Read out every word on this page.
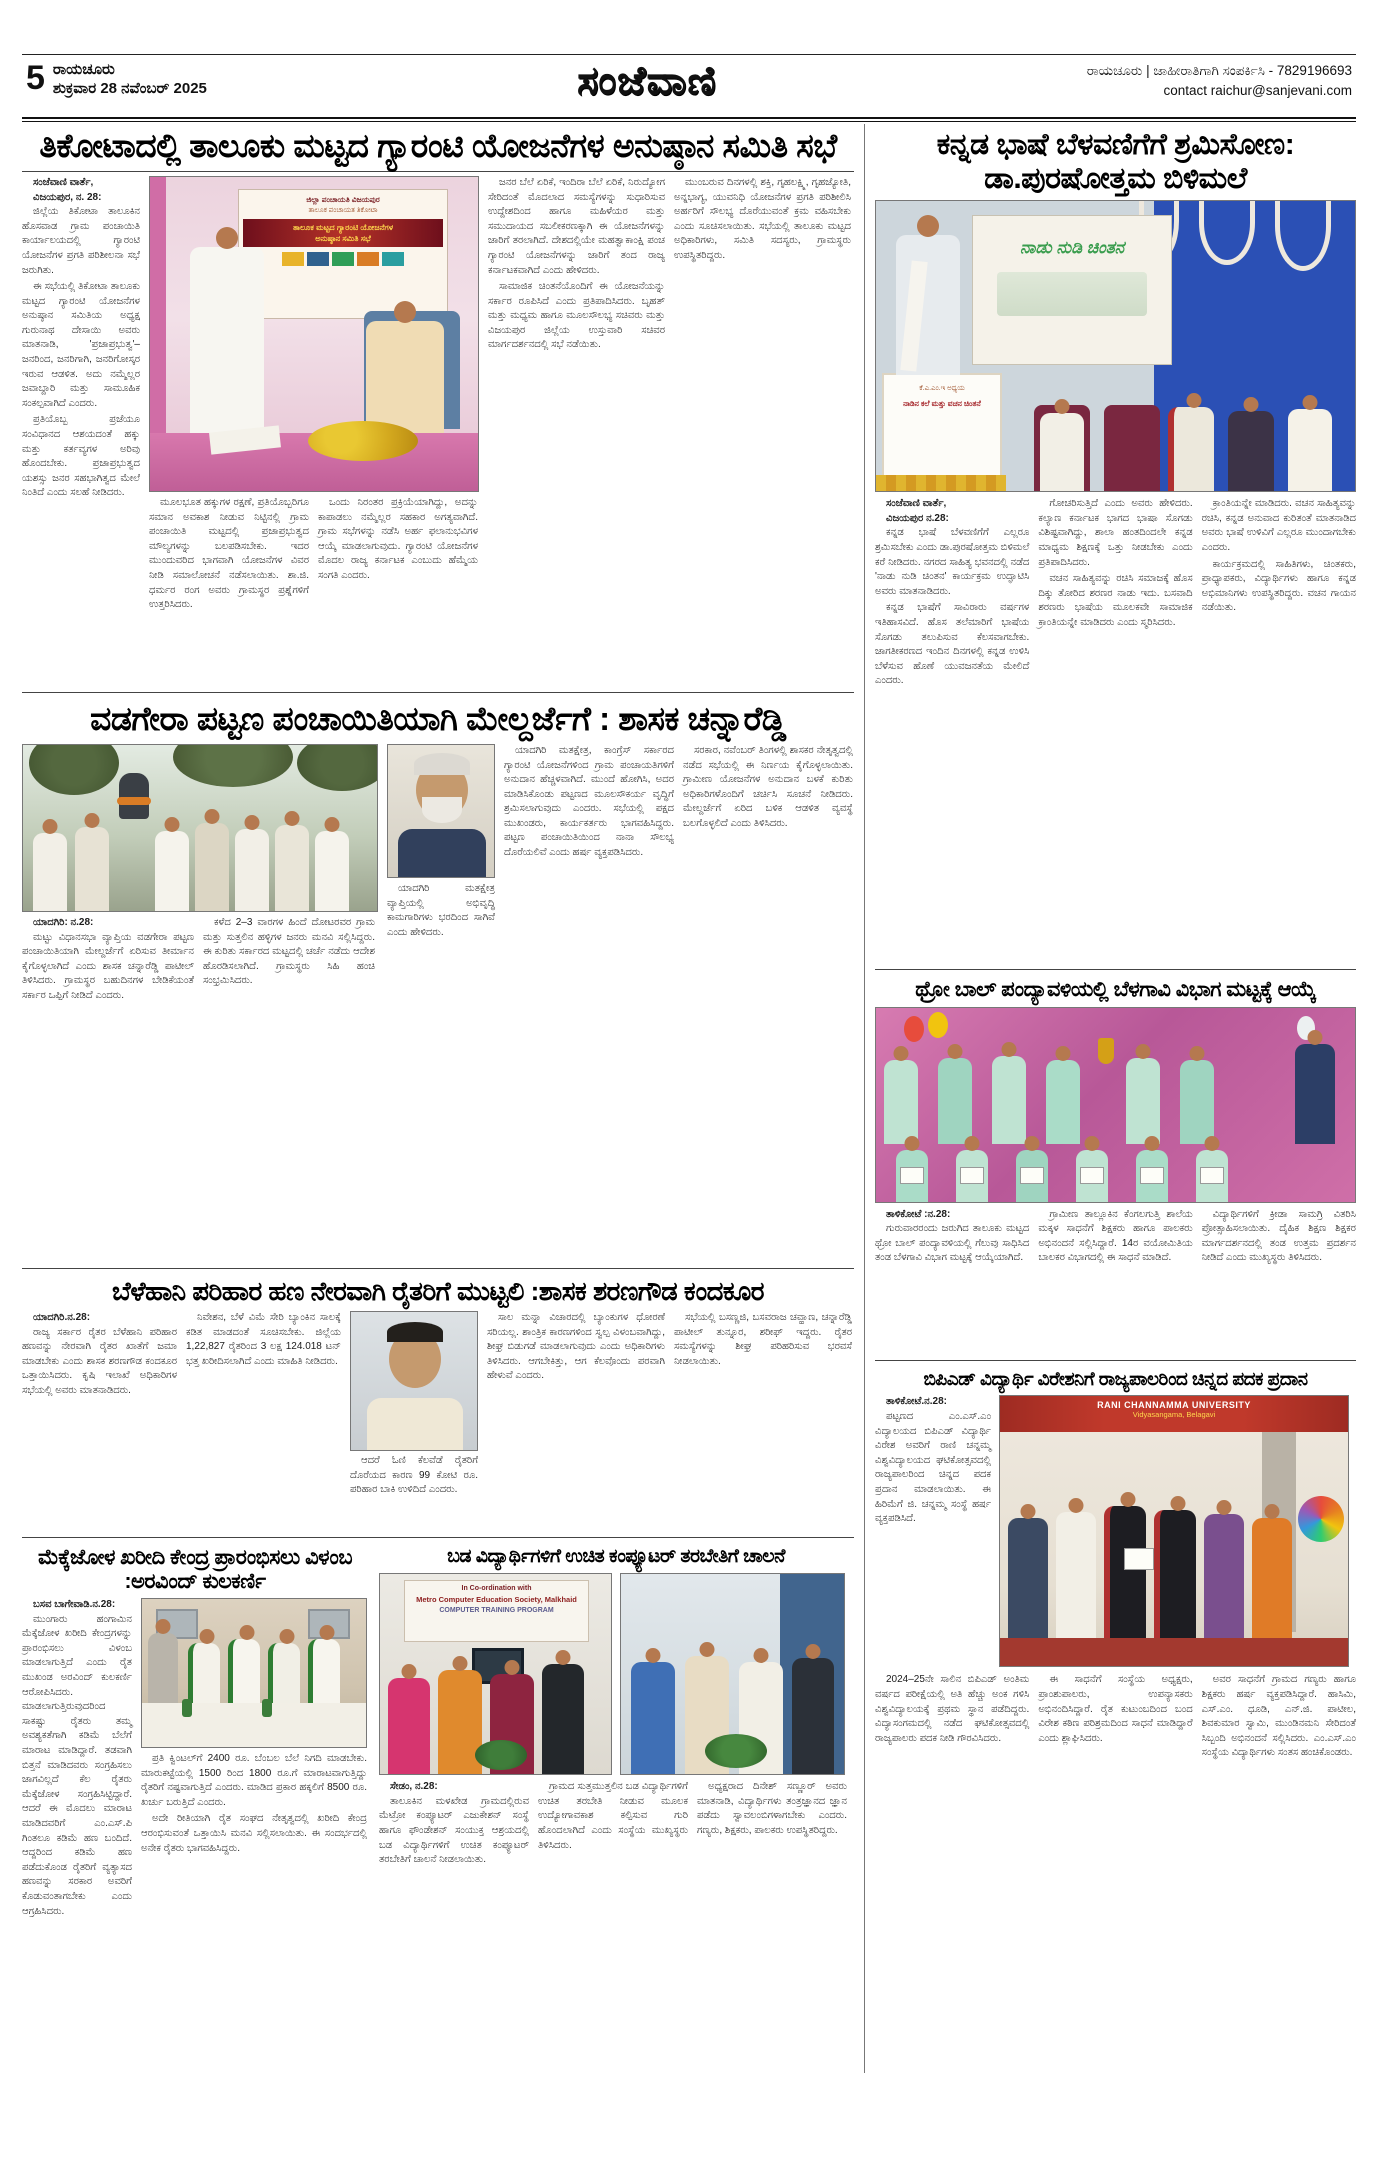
5 ರಾಯಚೂರು
ಶುಕ್ರವಾರ 28 ನವೆಂಬರ್ 2025	ಸಂಜೆವಾಣಿ	ರಾಯಚೂರು | ಜಾಹೀರಾತಿಗಾಗಿ ಸಂಪರ್ಕಿಸಿ - 7829196693
contact raichur@sanjevani.com
ತಿಕೋಟಾದಲ್ಲಿ ತಾಲೂಕು ಮಟ್ಟದ ಗ್ಯಾರಂಟಿ ಯೋಜನೆಗಳ ಅನುಷ್ಠಾನ ಸಮಿತಿ ಸಭೆ
ಸಂಜೆವಾಣಿ ವಾರ್ತೆ,
ವಿಜಯಪುರ, ನ. 28:

ಜಿಲ್ಲೆಯ ತಿಕೋಟಾ ತಾಲೂಕಿನ ಹೊಸವಾಡ ಗ್ರಾಮ ಪಂಚಾಯಿತಿ ಕಾರ್ಯಾಲಯದಲ್ಲಿ ಗ್ಯಾರಂಟಿ ಯೋಜನೆಗಳ ಪ್ರಗತಿ ಪರಿಶೀಲನಾ ಸಭೆ ಜರುಗಿತು.

ಈ ಸಭೆಯಲ್ಲಿ ತಿಕೋಟಾ ತಾಲೂಕು ಮಟ್ಟದ ಗ್ಯಾರಂಟಿ ಯೋಜನೆಗಳ ಅನುಷ್ಠಾನ ಸಮಿತಿಯ ಅಧ್ಯಕ್ಷ ಗುರುನಾಥ ದೇಸಾಯಿ ಅವರು ಮಾತನಾಡಿ, 'ಪ್ರಜಾಪ್ರಭುತ್ವ'– ಜನರಿಂದ, ಜನರಿಗಾಗಿ, ಜನರಿಗೋಸ್ಕರ ಇರುವ ಆಡಳಿತ. ಅದು ನಮ್ಮೆಲ್ಲರ ಜವಾಬ್ದಾರಿ ಮತ್ತು ಸಾಮೂಹಿಕ ಸಂಕಲ್ಪವಾಗಿದೆ ಎಂದರು.

ಪ್ರತಿಯೊಬ್ಬ ಪ್ರಜೆಯೂ ಸಂವಿಧಾನದ ಆಶಯದಂತೆ ಹಕ್ಕು ಮತ್ತು ಕರ್ತವ್ಯಗಳ ಅರಿವು ಹೊಂದಬೇಕು. ಪ್ರಜಾಪ್ರಭುತ್ವದ ಯಶಸ್ಸು ಜನರ ಸಹಭಾಗಿತ್ವದ ಮೇಲೆ ನಿಂತಿದೆ ಎಂದು ಸಲಹೆ ನೀಡಿದರು.

ಜಿಲ್ಲಾ ಪಂಚಾಯತಿ ವಿಜಯಪುರ
ತಾಲೂಕ ಪಂಚಾಯತ ತಿಕೋಟಾ
ತಾಲೂಕ ಮಟ್ಟದ ಗ್ಯಾರಂಟಿ ಯೋಜನೆಗಳ
ಅನುಷ್ಠಾನ ಸಮಿತಿ ಸಭೆ

ಮೂಲಭೂತ ಹಕ್ಕುಗಳ ರಕ್ಷಣೆ, ಪ್ರತಿಯೊಬ್ಬರಿಗೂ ಸಮಾನ ಅವಕಾಶ ನೀಡುವ ನಿಟ್ಟಿನಲ್ಲಿ ಗ್ರಾಮ ಪಂಚಾಯಿತಿ ಮಟ್ಟದಲ್ಲಿ ಪ್ರಜಾಪ್ರಭುತ್ವದ ಮೌಲ್ಯಗಳನ್ನು ಬಲಪಡಿಸಬೇಕು. ಇದರ ಮುಂದುವರಿದ ಭಾಗವಾಗಿ ಯೋಜನೆಗಳ ವಿವರ ನೀಡಿ ಸಮಾಲೋಚನೆ ನಡೆಸಲಾಯಿತು. ಶಾ.ಜಿ. ಧರ್ಮರ ರಂಗ ಅವರು ಗ್ರಾಮಸ್ಥರ ಪ್ರಶ್ನೆಗಳಿಗೆ ಉತ್ತರಿಸಿದರು.

ಒಂದು ನಿರಂತರ ಪ್ರಕ್ರಿಯೆಯಾಗಿದ್ದು, ಅದನ್ನು ಕಾಪಾಡಲು ನಮ್ಮೆಲ್ಲರ ಸಹಕಾರ ಅಗತ್ಯವಾಗಿದೆ. ಗ್ರಾಮ ಸಭೆಗಳನ್ನು ನಡೆಸಿ ಅರ್ಹ ಫಲಾನುಭವಿಗಳ ಆಯ್ಕೆ ಮಾಡಲಾಗುವುದು. ಗ್ಯಾರಂಟಿ ಯೋಜನೆಗಳ ಮೊದಲ ರಾಜ್ಯ ಕರ್ನಾಟಕ ಎಂಬುದು ಹೆಮ್ಮೆಯ ಸಂಗತಿ ಎಂದರು.

ಜನರ ಬೆಲೆ ಏರಿಕೆ, ಇಂದಿರಾ ಬೆಲೆ ಏರಿಕೆ, ನಿರುದ್ಯೋಗ ಸೇರಿದಂತೆ ಮೊದಲಾದ ಸಮಸ್ಯೆಗಳನ್ನು ಸುಧಾರಿಸುವ ಉದ್ದೇಶದಿಂದ ಹಾಗೂ ಮಹಿಳೆಯರ ಮತ್ತು ಸಮುದಾಯದ ಸಬಲೀಕರಣಕ್ಕಾಗಿ ಈ ಯೋಜನೆಗಳನ್ನು ಜಾರಿಗೆ ತರಲಾಗಿದೆ. ದೇಶದಲ್ಲಿಯೇ ಮಹತ್ವಾಕಾಂಕ್ಷಿ ಪಂಚ ಗ್ಯಾರಂಟಿ ಯೋಜನೆಗಳನ್ನು ಜಾರಿಗೆ ತಂದ ರಾಜ್ಯ ಕರ್ನಾಟಕವಾಗಿದೆ ಎಂದು ಹೇಳಿದರು.

ಸಾಮಾಜಿಕ ಚಿಂತನೆಯೊಂದಿಗೆ ಈ ಯೋಜನೆಯನ್ನು ಸರ್ಕಾರ ರೂಪಿಸಿದೆ ಎಂದು ಪ್ರತಿಪಾದಿಸಿದರು. ಬೃಹತ್ ಮತ್ತು ಮಧ್ಯಮ ಹಾಗೂ ಮೂಲಸೌಲಭ್ಯ ಸಚಿವರು ಮತ್ತು ವಿಜಯಪುರ ಜಿಲ್ಲೆಯ ಉಸ್ತುವಾರಿ ಸಚಿವರ ಮಾರ್ಗದರ್ಶನದಲ್ಲಿ ಸಭೆ ನಡೆಯಿತು.

ಮುಂಬರುವ ದಿನಗಳಲ್ಲಿ ಶಕ್ತಿ, ಗೃಹಲಕ್ಷ್ಮಿ, ಗೃಹಜ್ಯೋತಿ, ಅನ್ನಭಾಗ್ಯ, ಯುವನಿಧಿ ಯೋಜನೆಗಳ ಪ್ರಗತಿ ಪರಿಶೀಲಿಸಿ ಅರ್ಹರಿಗೆ ಸೌಲಭ್ಯ ದೊರೆಯುವಂತೆ ಕ್ರಮ ವಹಿಸಬೇಕು ಎಂದು ಸೂಚಿಸಲಾಯಿತು. ಸಭೆಯಲ್ಲಿ ತಾಲೂಕು ಮಟ್ಟದ ಅಧಿಕಾರಿಗಳು, ಸಮಿತಿ ಸದಸ್ಯರು, ಗ್ರಾಮಸ್ಥರು ಉಪಸ್ಥಿತರಿದ್ದರು.

ವಡಗೇರಾ ಪಟ್ಟಣ ಪಂಚಾಯಿತಿಯಾಗಿ ಮೇಲ್ದರ್ಜೆಗೆ : ಶಾಸಕ ಚನ್ನಾರೆಡ್ಡಿ
ಯಾದಗಿರಿ: ನ.28:

ಮಟ್ಟು ವಿಧಾನಸಭಾ ವ್ಯಾಪ್ತಿಯ ವಡಗೇರಾ ಪಟ್ಟಣ ಪಂಚಾಯಿತಿಯಾಗಿ ಮೇಲ್ದರ್ಜೆಗೆ ಏರಿಸುವ ತೀರ್ಮಾನ ಕೈಗೊಳ್ಳಲಾಗಿದೆ ಎಂದು ಶಾಸಕ ಚನ್ನಾರೆಡ್ಡಿ ಪಾಟೀಲ್ ತಿಳಿಸಿದರು. ಗ್ರಾಮಸ್ಥರ ಬಹುದಿನಗಳ ಬೇಡಿಕೆಯಂತೆ ಸರ್ಕಾರ ಒಪ್ಪಿಗೆ ನೀಡಿದೆ ಎಂದರು.

ಕಳೆದ 2–3 ವಾರಗಳ ಹಿಂದೆ ದೋಟರವರ ಗ್ರಾಮ ಮತ್ತು ಸುತ್ತಲಿನ ಹಳ್ಳಿಗಳ ಜನರು ಮನವಿ ಸಲ್ಲಿಸಿದ್ದರು. ಈ ಕುರಿತು ಸರ್ಕಾರದ ಮಟ್ಟದಲ್ಲಿ ಚರ್ಚೆ ನಡೆದು ಆದೇಶ ಹೊರಡಿಸಲಾಗಿದೆ. ಗ್ರಾಮಸ್ಥರು ಸಿಹಿ ಹಂಚಿ ಸಂಭ್ರಮಿಸಿದರು.

ಯಾದಗಿರಿ ಮತಕ್ಷೇತ್ರ ವ್ಯಾಪ್ತಿಯಲ್ಲಿ ಅಭಿವೃದ್ಧಿ ಕಾಮಗಾರಿಗಳು ಭರದಿಂದ ಸಾಗಿವೆ ಎಂದು ಹೇಳಿದರು.

ಯಾದಗಿರಿ ಮತಕ್ಷೇತ್ರ, ಕಾಂಗ್ರೆಸ್ ಸರ್ಕಾರದ ಗ್ಯಾರಂಟಿ ಯೋಜನೆಗಳಿಂದ ಗ್ರಾಮ ಪಂಚಾಯತಿಗಳಿಗೆ ಅನುದಾನ ಹೆಚ್ಚಳವಾಗಿದೆ. ಮುಂದೆ ಹೋಗಿಸಿ, ಅದರ ಮಾಡಿಸಿಕೊಂಡು ಪಟ್ಟಣದ ಮೂಲಸೌಕರ್ಯ ವೃದ್ಧಿಗೆ ಶ್ರಮಿಸಲಾಗುವುದು ಎಂದರು. ಸಭೆಯಲ್ಲಿ ಪಕ್ಷದ ಮುಖಂಡರು, ಕಾರ್ಯಕರ್ತರು ಭಾಗವಹಿಸಿದ್ದರು. ಪಟ್ಟಣ ಪಂಚಾಯಿತಿಯಿಂದ ನಾನಾ ಸೌಲಭ್ಯ ದೊರೆಯಲಿವೆ ಎಂದು ಹರ್ಷ ವ್ಯಕ್ತಪಡಿಸಿದರು.

ಸರಕಾರ, ನವೆಂಬರ್ ತಿಂಗಳಲ್ಲಿ ಶಾಸಕರ ನೇತೃತ್ವದಲ್ಲಿ ನಡೆದ ಸಭೆಯಲ್ಲಿ ಈ ನಿರ್ಣಯ ಕೈಗೊಳ್ಳಲಾಯಿತು. ಗ್ರಾಮೀಣ ಯೋಜನೆಗಳ ಅನುದಾನ ಬಳಕೆ ಕುರಿತು ಅಧಿಕಾರಿಗಳೊಂದಿಗೆ ಚರ್ಚಿಸಿ ಸೂಚನೆ ನೀಡಿದರು. ಮೇಲ್ದರ್ಜೆಗೆ ಏರಿದ ಬಳಿಕ ಆಡಳಿತ ವ್ಯವಸ್ಥೆ ಬಲಗೊಳ್ಳಲಿದೆ ಎಂದು ತಿಳಿಸಿದರು.

ಬೆಳೆಹಾನಿ ಪರಿಹಾರ ಹಣ ನೇರವಾಗಿ ರೈತರಿಗೆ ಮುಟ್ಟಲಿ :ಶಾಸಕ ಶರಣಗೌಡ ಕಂದಕೂರ
ಯಾದಗಿರಿ.ನ.28:

ರಾಜ್ಯ ಸರ್ಕಾರ ರೈತರ ಬೆಳೆಹಾನಿ ಪರಿಹಾರ ಹಣವನ್ನು ನೇರವಾಗಿ ರೈತರ ಖಾತೆಗೆ ಜಮಾ ಮಾಡಬೇಕು ಎಂದು ಶಾಸಕ ಶರಣಗೌಡ ಕಂದಕೂರ ಒತ್ತಾಯಿಸಿದರು. ಕೃಷಿ ಇಲಾಖೆ ಅಧಿಕಾರಿಗಳ ಸಭೆಯಲ್ಲಿ ಅವರು ಮಾತನಾಡಿದರು.

ನಿವೇಶನ, ಬೆಳೆ ವಿಮೆ ಸೇರಿ ಬ್ಯಾಂಕಿನ ಸಾಲಕ್ಕೆ ಕಡಿತ ಮಾಡದಂತೆ ಸೂಚಿಸಬೇಕು. ಜಿಲ್ಲೆಯ 1,22,827 ರೈತರಿಂದ 3 ಲಕ್ಷ 124.018 ಟನ್ ಭತ್ತ ಖರೀದಿಸಲಾಗಿದೆ ಎಂದು ಮಾಹಿತಿ ನೀಡಿದರು.

ಆದರೆ ಓಣಿ ಕೆಲವೆಡೆ ರೈತರಿಗೆ ದೊರೆಯದ ಕಾರಣ 99 ಕೋಟಿ ರೂ. ಪರಿಹಾರ ಬಾಕಿ ಉಳಿದಿದೆ ಎಂದರು.

ಸಾಲ ಮನ್ನಾ ವಿಚಾರದಲ್ಲಿ ಬ್ಯಾಂಕುಗಳ ಧೋರಣೆ ಸರಿಯಲ್ಲ. ಶಾಂತ್ರಿಕ ಕಾರಣಗಳಿಂದ ಸ್ವಲ್ಪ ವಿಳಂಬವಾಗಿದ್ದು, ಶೀಘ್ರ ಬಿಡುಗಡೆ ಮಾಡಲಾಗುವುದು ಎಂದು ಅಧಿಕಾರಿಗಳು ತಿಳಿಸಿದರು. ಆಗಬೇಕಿತ್ತು, ಆಗ ಕೆಲವೊಂದು ಪರವಾಗಿ ಹೇಳುವೆ ಎಂದರು.

ಸಭೆಯಲ್ಲಿ ಬಸಣ್ಣಜಿ, ಬಸವರಾಜ ಚವ್ಹಾಣ, ಚನ್ನಾರೆಡ್ಡಿ ಪಾಟೀಲ್ ತುನ್ನೂರ, ಶರೀಫ್ ಇದ್ದರು. ರೈತರ ಸಮಸ್ಯೆಗಳನ್ನು ಶೀಘ್ರ ಪರಿಹರಿಸುವ ಭರವಸೆ ನೀಡಲಾಯಿತು.

ಮೆಕ್ಕೆಜೋಳ ಖರೀದಿ ಕೇಂದ್ರ ಪ್ರಾರಂಭಿಸಲು ವಿಳಂಬ :ಅರವಿಂದ್ ಕುಲಕರ್ಣಿ
ಬಸವ ಬಾಗೇವಾಡಿ.ನ.28:

ಮುಂಗಾರು ಹಂಗಾಮಿನ ಮೆಕ್ಕೆಜೋಳ ಖರೀದಿ ಕೇಂದ್ರಗಳನ್ನು ಪ್ರಾರಂಭಿಸಲು ವಿಳಂಬ ಮಾಡಲಾಗುತ್ತಿದೆ ಎಂದು ರೈತ ಮುಖಂಡ ಅರವಿಂದ್ ಕುಲಕರ್ಣಿ ಆರೋಪಿಸಿದರು. ಮಾಡಲಾಗುತ್ತಿರುವುದರಿಂದ ಸಾಕಷ್ಟು ರೈತರು ತಮ್ಮ ಅವಶ್ಯಕತೆಗಾಗಿ ಕಡಿಮೆ ಬೆಲೆಗೆ ಮಾರಾಟ ಮಾಡಿದ್ದಾರೆ. ತಡವಾಗಿ ಬಿತ್ತನೆ ಮಾಡಿದವರು ಸಂಗ್ರಹಿಸಲು ಜಾಗವಿಲ್ಲದೆ ಕೆಲ ರೈತರು ಮೆಕ್ಕೆಜೋಳ ಸಂಗ್ರಹಿಸಿಟ್ಟಿದ್ದಾರೆ. ಆದರೆ ಈ ಮೊದಲು ಮಾರಾಟ ಮಾಡಿದವರಿಗೆ ಎಂ.ಎಸ್.ಪಿ ಗಿಂತಲೂ ಕಡಿಮೆ ಹಣ ಬಂದಿದೆ. ಆದ್ದರಿಂದ ಕಡಿಮೆ ಹಣ ಪಡೆದುಕೊಂಡ ರೈತರಿಗೆ ವ್ಯತ್ಯಾಸದ ಹಣವನ್ನು ಸರಕಾರ ಅವರಿಗೆ ಕೊಡುವಂತಾಗಬೇಕು ಎಂದು ಆಗ್ರಹಿಸಿದರು.

ಪ್ರತಿ ಕ್ವಿಂಟಲ್‌ಗೆ 2400 ರೂ. ಬೆಂಬಲ ಬೆಲೆ ನಿಗದಿ ಮಾಡಬೇಕು. ಮಾರುಕಟ್ಟೆಯಲ್ಲಿ 1500 ರಿಂದ 1800 ರೂ.ಗೆ ಮಾರಾಟವಾಗುತ್ತಿದ್ದು ರೈತರಿಗೆ ನಷ್ಟವಾಗುತ್ತಿದೆ ಎಂದರು. ಮಾಡಿದ ಪ್ರಕಾರ ಹಕ್ಕಲಿಗೆ 8500 ರೂ. ಖರ್ಚು ಬರುತ್ತಿದೆ ಎಂದರು.

ಅದೇ ರೀತಿಯಾಗಿ ರೈತ ಸಂಘದ ನೇತೃತ್ವದಲ್ಲಿ ಖರೀದಿ ಕೇಂದ್ರ ಆರಂಭಿಸುವಂತೆ ಒತ್ತಾಯಿಸಿ ಮನವಿ ಸಲ್ಲಿಸಲಾಯಿತು. ಈ ಸಂದರ್ಭದಲ್ಲಿ ಅನೇಕ ರೈತರು ಭಾಗವಹಿಸಿದ್ದರು.

ಬಡ ವಿದ್ಯಾರ್ಥಿಗಳಿಗೆ ಉಚಿತ ಕಂಪ್ಯೂಟರ್ ತರಬೇತಿಗೆ ಚಾಲನೆ
In Co-ordination with
Metro Computer Education Society, Malkhaid
COMPUTER TRAINING PROGRAM
ಸೇಡಂ, ನ.28:

ತಾಲೂಕಿನ ಮಳಖೇಡ ಗ್ರಾಮದಲ್ಲಿರುವ ಮೆಟ್ರೋ ಕಂಪ್ಯೂಟರ್ ಎಜುಕೇಶನ್ ಸಂಸ್ಥೆ ಹಾಗೂ ಫೌಂಡೇಶನ್ ಸಂಯುಕ್ತ ಆಶ್ರಯದಲ್ಲಿ ಬಡ ವಿದ್ಯಾರ್ಥಿಗಳಿಗೆ ಉಚಿತ ಕಂಪ್ಯೂಟರ್ ತರಬೇತಿಗೆ ಚಾಲನೆ ನೀಡಲಾಯಿತು.

ಗ್ರಾಮದ ಸುತ್ತಮುತ್ತಲಿನ ಬಡ ವಿದ್ಯಾರ್ಥಿಗಳಿಗೆ ಉಚಿತ ತರಬೇತಿ ನೀಡುವ ಮೂಲಕ ಉದ್ಯೋಗಾವಕಾಶ ಕಲ್ಪಿಸುವ ಗುರಿ ಹೊಂದಲಾಗಿದೆ ಎಂದು ಸಂಸ್ಥೆಯ ಮುಖ್ಯಸ್ಥರು ತಿಳಿಸಿದರು.

ಅಧ್ಯಕ್ಷರಾದ ದಿನೇಶ್ ಸಣ್ಣೂರ್ ಅವರು ಮಾತನಾಡಿ, ವಿದ್ಯಾರ್ಥಿಗಳು ತಂತ್ರಜ್ಞಾನದ ಜ್ಞಾನ ಪಡೆದು ಸ್ವಾವಲಂಬಿಗಳಾಗಬೇಕು ಎಂದರು. ಗಣ್ಯರು, ಶಿಕ್ಷಕರು, ಪಾಲಕರು ಉಪಸ್ಥಿತರಿದ್ದರು.

ಕನ್ನಡ ಭಾಷೆ ಬೆಳವಣಿಗೆಗೆ ಶ್ರಮಿಸೋಣ: ಡಾ.ಪುರಷೋತ್ತಮ ಬಿಳಿಮಲೆ
ನಾಡು ನುಡಿ ಚಿಂತನ
ಕೆ.ಎ.ಎಂ.ಇ ಅಧ್ಯಯ
ನಾಡಿನ ಕಲೆ ಮತ್ತು ವಚನ ಚಿಂತನೆ
ಸಂಜೆವಾಣಿ ವಾರ್ತೆ,
ವಿಜಯಪುರ ನ.28:

ಕನ್ನಡ ಭಾಷೆ ಬೆಳವಣಿಗೆಗೆ ಎಲ್ಲರೂ ಶ್ರಮಿಸಬೇಕು ಎಂದು ಡಾ.ಪುರಷೋತ್ತಮ ಬಿಳಿಮಲೆ ಕರೆ ನೀಡಿದರು. ನಗರದ ಸಾಹಿತ್ಯ ಭವನದಲ್ಲಿ ನಡೆದ 'ನಾಡು ನುಡಿ ಚಿಂತನ' ಕಾರ್ಯಕ್ರಮ ಉದ್ಘಾಟಿಸಿ ಅವರು ಮಾತನಾಡಿದರು.

ಕನ್ನಡ ಭಾಷೆಗೆ ಸಾವಿರಾರು ವರ್ಷಗಳ ಇತಿಹಾಸವಿದೆ. ಹೊಸ ತಲೆಮಾರಿಗೆ ಭಾಷೆಯ ಸೊಗಡು ತಲುಪಿಸುವ ಕೆಲಸವಾಗಬೇಕು. ಜಾಗತೀಕರಣದ ಇಂದಿನ ದಿನಗಳಲ್ಲಿ ಕನ್ನಡ ಉಳಿಸಿ ಬೆಳೆಸುವ ಹೊಣೆ ಯುವಜನತೆಯ ಮೇಲಿದೆ ಎಂದರು.

ಗೋಚರಿಸುತ್ತಿದೆ ಎಂದು ಅವರು ಹೇಳಿದರು. ಕಲ್ಯಾಣ ಕರ್ನಾಟಕ ಭಾಗದ ಭಾಷಾ ಸೊಗಡು ವಿಶಿಷ್ಟವಾಗಿದ್ದು, ಶಾಲಾ ಹಂತದಿಂದಲೇ ಕನ್ನಡ ಮಾಧ್ಯಮ ಶಿಕ್ಷಣಕ್ಕೆ ಒತ್ತು ನೀಡಬೇಕು ಎಂದು ಪ್ರತಿಪಾದಿಸಿದರು.

ವಚನ ಸಾಹಿತ್ಯವನ್ನು ರಚಿಸಿ ಸಮಾಜಕ್ಕೆ ಹೊಸ ದಿಕ್ಕು ತೋರಿದ ಶರಣರ ನಾಡು ಇದು. ಬಸವಾದಿ ಶರಣರು ಭಾಷೆಯ ಮೂಲಕವೇ ಸಾಮಾಜಿಕ ಕ್ರಾಂತಿಯನ್ನೇ ಮಾಡಿದರು ಎಂದು ಸ್ಮರಿಸಿದರು.

ಕ್ರಾಂತಿಯನ್ನೇ ಮಾಡಿದರು. ವಚನ ಸಾಹಿತ್ಯವನ್ನು ರಚಿಸಿ, ಕನ್ನಡ ಅನುವಾದ ಕುರಿತಂತೆ ಮಾತನಾಡಿದ ಅವರು ಭಾಷೆ ಉಳಿವಿಗೆ ಎಲ್ಲರೂ ಮುಂದಾಗಬೇಕು ಎಂದರು.

ಕಾರ್ಯಕ್ರಮದಲ್ಲಿ ಸಾಹಿತಿಗಳು, ಚಿಂತಕರು, ಪ್ರಾಧ್ಯಾಪಕರು, ವಿದ್ಯಾರ್ಥಿಗಳು ಹಾಗೂ ಕನ್ನಡ ಅಭಿಮಾನಿಗಳು ಉಪಸ್ಥಿತರಿದ್ದರು. ವಚನ ಗಾಯನ ನಡೆಯಿತು.

ಥ್ರೋ ಬಾಲ್ ಪಂದ್ಯಾವಳಿಯಲ್ಲಿ ಬೆಳಗಾವಿ ವಿಭಾಗ ಮಟ್ಟಕ್ಕೆ ಆಯ್ಕೆ
ತಾಳಿಕೋಟೆ :ನ.28:

ಗುರುವಾರರಂದು ಜರುಗಿದ ತಾಲೂಕು ಮಟ್ಟದ ಥ್ರೋ ಬಾಲ್ ಪಂದ್ಯಾವಳಿಯಲ್ಲಿ ಗೆಲುವು ಸಾಧಿಸಿದ ತಂಡ ಬೆಳಗಾವಿ ವಿಭಾಗ ಮಟ್ಟಕ್ಕೆ ಆಯ್ಕೆಯಾಗಿದೆ.

ಗ್ರಾಮೀಣ ತಾಲ್ಲೂಕಿನ ಕೆಂಗಲಗುತ್ತಿ ಶಾಲೆಯ ಮಕ್ಕಳ ಸಾಧನೆಗೆ ಶಿಕ್ಷಕರು ಹಾಗೂ ಪಾಲಕರು ಅಭಿನಂದನೆ ಸಲ್ಲಿಸಿದ್ದಾರೆ. 14ರ ವಯೋಮಿತಿಯ ಬಾಲಕರ ವಿಭಾಗದಲ್ಲಿ ಈ ಸಾಧನೆ ಮಾಡಿದೆ.

ವಿದ್ಯಾರ್ಥಿಗಳಿಗೆ ಕ್ರೀಡಾ ಸಾಮಗ್ರಿ ವಿತರಿಸಿ ಪ್ರೋತ್ಸಾಹಿಸಲಾಯಿತು. ದೈಹಿಕ ಶಿಕ್ಷಣ ಶಿಕ್ಷಕರ ಮಾರ್ಗದರ್ಶನದಲ್ಲಿ ತಂಡ ಉತ್ತಮ ಪ್ರದರ್ಶನ ನೀಡಿದೆ ಎಂದು ಮುಖ್ಯಸ್ಥರು ತಿಳಿಸಿದರು.

ಬಿಪಿಎಡ್ ವಿದ್ಯಾರ್ಥಿ ವಿರೇಶನಿಗೆ ರಾಜ್ಯಪಾಲರಿಂದ ಚಿನ್ನದ ಪದಕ ಪ್ರದಾನ
ತಾಳಿಕೋಟೆ.ನ.28:

ಪಟ್ಟಣದ ಎಂ.ಎಸ್.ಎಂ ವಿದ್ಯಾಲಯದ ಬಿಪಿಎಡ್ ವಿದ್ಯಾರ್ಥಿ ವಿರೇಶ ಅವರಿಗೆ ರಾಣಿ ಚನ್ನಮ್ಮ ವಿಶ್ವವಿದ್ಯಾಲಯದ ಘಟಿಕೋತ್ಸವದಲ್ಲಿ ರಾಜ್ಯಪಾಲರಿಂದ ಚಿನ್ನದ ಪದಕ ಪ್ರದಾನ ಮಾಡಲಾಯಿತು. ಈ ಹಿರಿಮೆಗೆ ಜಿ. ಚನ್ನಮ್ಮ ಸಂಸ್ಥೆ ಹರ್ಷ ವ್ಯಕ್ತಪಡಿಸಿದೆ.

RANI CHANNAMMA UNIVERSITY
Vidyasangama, Belagavi

2024–25ನೇ ಸಾಲಿನ ಬಿಪಿಎಡ್ ಅಂತಿಮ ವರ್ಷದ ಪರೀಕ್ಷೆಯಲ್ಲಿ ಅತಿ ಹೆಚ್ಚು ಅಂಕ ಗಳಿಸಿ ವಿಶ್ವವಿದ್ಯಾಲಯಕ್ಕೆ ಪ್ರಥಮ ಸ್ಥಾನ ಪಡೆದಿದ್ದರು. ವಿದ್ಯಾಸಂಗಮದಲ್ಲಿ ನಡೆದ ಘಟಿಕೋತ್ಸವದಲ್ಲಿ ರಾಜ್ಯಪಾಲರು ಪದಕ ನೀಡಿ ಗೌರವಿಸಿದರು.

ಈ ಸಾಧನೆಗೆ ಸಂಸ್ಥೆಯ ಅಧ್ಯಕ್ಷರು, ಪ್ರಾಂಶುಪಾಲರು, ಉಪನ್ಯಾಸಕರು ಅಭಿನಂದಿಸಿದ್ದಾರೆ. ರೈತ ಕುಟುಂಬದಿಂದ ಬಂದ ವಿರೇಶ ಕಠಿಣ ಪರಿಶ್ರಮದಿಂದ ಸಾಧನೆ ಮಾಡಿದ್ದಾರೆ ಎಂದು ಶ್ಲಾಘಿಸಿದರು.

ಅವರ ಸಾಧನೆಗೆ ಗ್ರಾಮದ ಗಣ್ಯರು ಹಾಗೂ ಶಿಕ್ಷಕರು ಹರ್ಷ ವ್ಯಕ್ತಪಡಿಸಿದ್ದಾರೆ. ಹಾಸಿಮಿ, ಎಸ್.ಎಂ. ಧೂಡಿ, ಎನ್.ಜಿ. ಪಾಟೀಲ, ಶಿವಕುಮಾರ ಸ್ವಾಮಿ, ಮುಂಡಿನಮನಿ ಸೇರಿದಂತೆ ಸಿಬ್ಬಂದಿ ಅಭಿನಂದನೆ ಸಲ್ಲಿಸಿದರು. ಎಂ.ಎಸ್.ಎಂ ಸಂಸ್ಥೆಯ ವಿದ್ಯಾರ್ಥಿಗಳು ಸಂತಸ ಹಂಚಿಕೊಂಡರು.
